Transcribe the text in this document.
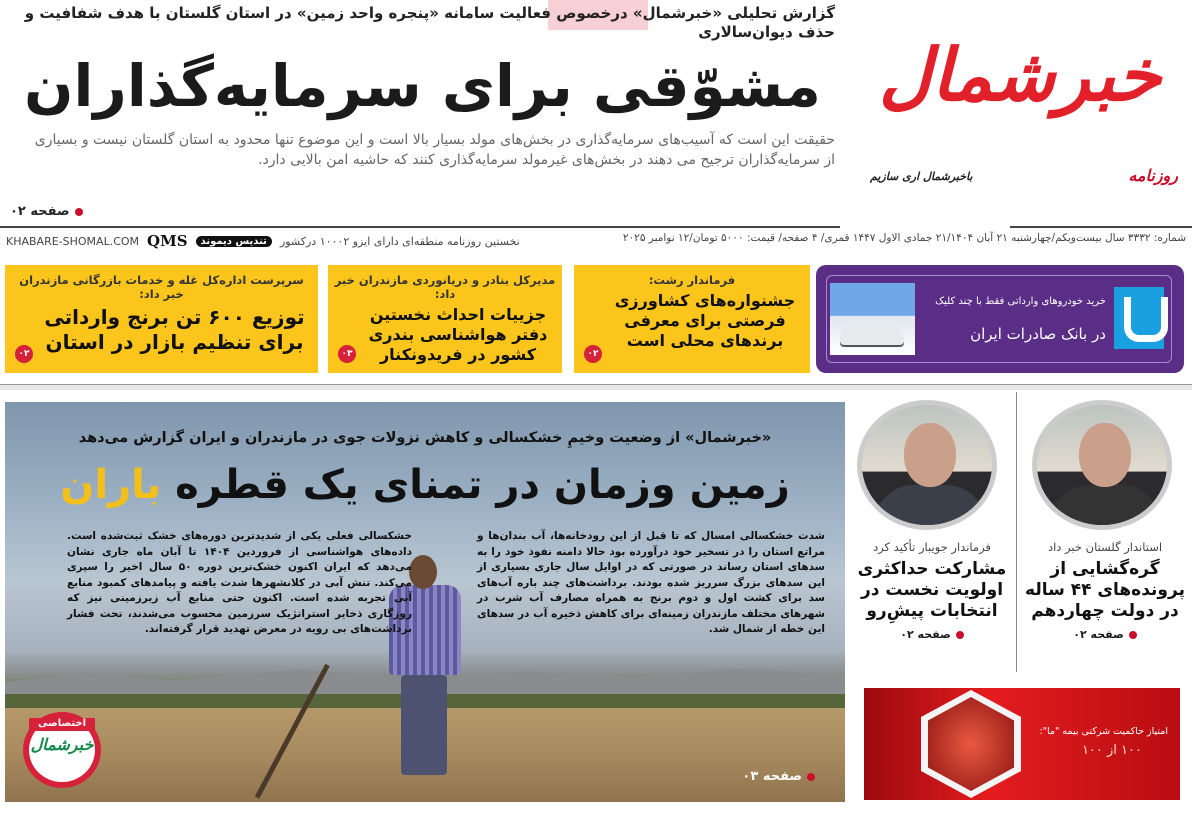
گزارش تحلیلی «خبرشمال» درخصوص فعالیت سامانه «پنجره واحد زمین» در استان گلستان با هدف شفافیت و حذف دیوان‌سالاری
مشوّقی برای سرمایه‌گذاران
حقیقت این است که آسیب‌های سرمایه‌گذاری در بخش‌های مولد بسیار بالا است و این موضوع تنها محدود به استان گلستان نیست و بسیاری از سرمایه‌گذاران ترجیح می دهند در بخش‌های غیرمولد سرمایه‌گذاری کنند که حاشیه امن بالایی دارد.
صفحه ۰۲
خبرشمال
باخبرشمال اری سازیم	روزنامه
شماره: ۳۳۳۲ سال بیست‌ویکم/چهارشنبه ۲۱ آبان ۲۱/۱۴۰۴ جمادی الاول ۱۴۴۷ قمری/ ۴ صفحه/ قیمت: ۵۰۰۰ تومان/۱۲ نوامبر ۲۰۲۵
KHABARE-SHOMAL.COM QMS	تندیس دیموند	نخستین روزنامه منطقه‌ای دارای ایزو ۱۰۰۰۲ درکشور
فرماندار رشت:
جشنواره‌های کشاورزی فرصتی برای معرفی برندهای محلی است
۰۲
مدیرکل بنادر و دریانوردی مازندران خبر داد:
جزییات احداث نخستین دفتر هواشناسی بندری کشور در فریدونکنار
۰۳
سرپرست اداره‌کل غله و خدمات بازرگانی مازندران خبر داد:
توزیع ۶۰۰ تن برنج وارداتی برای تنظیم بازار در استان
۰۲
خرید خودروهای وارداتی فقط با چند کلیک
در بانک صادرات ایران
«خبرشمال» از وضعیت وخیمِ خشکسالی و کاهش نزولات جوی در مازندران و ایران گزارش می‌دهد
زمین وزمان در تمنای یک قطره باران
شدت خشکسالی امسال که تا قبل از این رودخانه‌ها، آب بندان‌ها و مراتع استان را در تسخیر خود درآورده بود حالا دامنه نفوذ خود را به سدهای استان رساند در صورتی که در اوایل سال جاری بسیاری از این سدهای بزرگ سرریز شده بودند. برداشت‌های چند باره آب‌های سد برای کشت اول و دوم برنج به همراه مصارف آب شرب در شهرهای مختلف مازندران زمینه‌ای برای کاهش ذخیره آب در سدهای این خطه از شمال شد.
خشکسالی فعلی یکی از شدیدترین دوره‌های خشک ثبت‌شده است. داده‌های هواشناسی از فروردین ۱۴۰۴ تا آبان ماه جاری نشان می‌دهد که ایران اکنون خشک‌ترین دوره ۵۰ سال اخیر را سپری می‌کند. تنش آبی در کلانشهرها شدت یافته و پیامدهای کمبود منابع آبی تجربه شده است. اکنون حتی منابع آب زیرزمینی نیز که روزگاری ذخایر استراتژیک سرزمین محسوب می‌شدند، تحت فشار برداشت‌های بی رویه در معرض تهدید قرار گرفته‌اند.
صفحه ۰۳
اختصاصی
خبرشمال
استاندار گلستان خبر داد
گره‌گشایی از پرونده‌های ۴۴ ساله در دولت چهاردهم
صفحه ۰۲
فرماندار جویبار تأکید کرد
مشارکت حداکثری اولویت نخست در انتخابات پیشِ‌رو
صفحه ۰۲
امتیاز حاکمیت شرکتی بیمه "ما":
۱۰۰ از ۱۰۰
